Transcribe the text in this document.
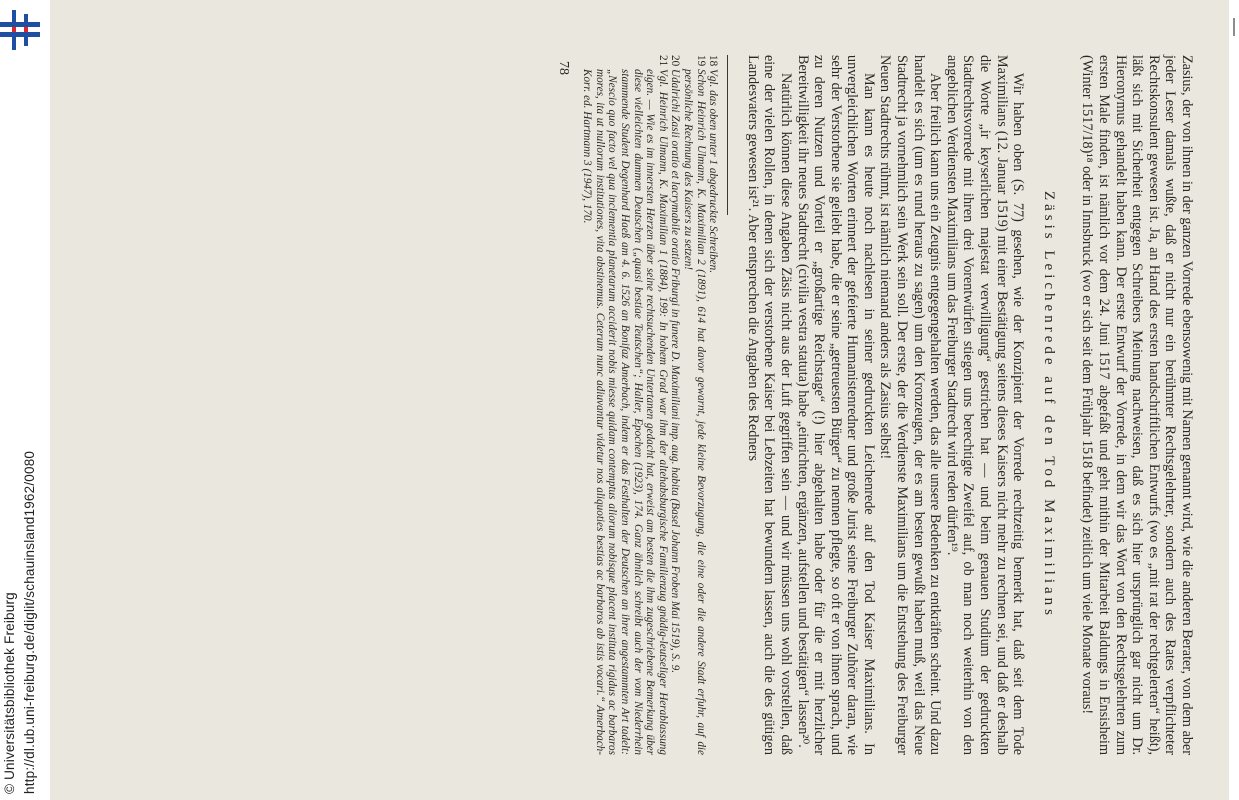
Zasius, der von ihnen in der ganzen Vorrede ebensowenig mit Namen genannt wird, wie die anderen Berater, von dem aber jeder Leser damals wußte, daß er nicht nur ein berühmter Rechtsgelehrter, sondern auch des Rates verpflichteter Rechtskonsulent gewesen ist. Ja, an Hand des ersten handschriftlichen Entwurfs (wo es „mit rat der rechtgelerten“ heißt), läßt sich mit Sicherheit entgegen Schreibers Meinung nachweisen, daß es sich hier ursprünglich gar nicht um Dr. Hieronymus gehandelt haben kann. Der erste Entwurf der Vorrede, in dem wir das Wort von den Rechtsgelehrten zum ersten Male finden, ist nämlich vor dem 24. Juni 1517 abgefaßt und geht mithin der Mitarbeit Baldungs in Ensisheim (Winter 1517/18)¹⁸ oder in Innsbruck (wo er sich seit dem Frühjahr 1518 befindet) zeitlich um viele Monate voraus!

Zäsis Leichenrede auf den Tod Maximilians

Wir haben oben (S. 77) gesehen, wie der Konzipient der Vorrede rechtzeitig bemerkt hat, daß seit dem Tode Maximilians (12. Januar 1519) mit einer Bestätigung seitens dieses Kaisers nicht mehr zu rechnen sei, und daß er deshalb die Worte „ir keyserlichen majestat verwilligung“ gestrichen hat — und beim genauen Studium der gedruckten Stadtrechtsvorrede mit ihren drei Vorentwürfen stiegen uns berechtigte Zweifel auf, ob man noch weiterhin von den angeblichen Verdiensten Maximilians um das Freiburger Stadtrecht wird reden dürfen¹⁹.

Aber freilich kann uns ein Zeugnis entgegengehalten werden, das alle unsere Bedenken zu entkräften scheint. Und dazu handelt es sich (um es rund heraus zu sagen) um den Kronzeugen, der es am besten gewußt haben muß, weil das Neue Stadtrecht ja vornehmlich sein Werk sein soll. Der erste, der die Verdienste Maximilians um die Entstehung des Freiburger Neuen Stadtrechts rühmt, ist nämlich niemand anders als Zasius selbst!

Man kann es heute noch nachlesen in seiner gedruckten Leichenrede auf den Tod Kaiser Maximilians. In unvergleichlichen Worten erinnert der gefeierte Humanistenredner und große Jurist seine Freiburger Zuhörer daran, wie sehr der Verstorbene sie geliebt habe, die er seine „getreuesten Bürger“ zu nennen pflegte, so oft er von ihnen sprach, und zu deren Nutzen und Vorteil er „großartige Reichstage“ (!) hier abgehalten habe oder für die er mit herzlicher Bereitwilligkeit ihr neues Stadtrecht (civilia vestra statuta) habe „einrichten, ergänzen, aufstellen und bestätigen“ lassen²⁰.

Natürlich können diese Angaben Zäsis nicht aus der Luft gegriffen sein — und wir müssen uns wohl vorstellen, daß eine der vielen Rollen, in denen sich der verstorbene Kaiser bei Lebzeiten hat bewundern lassen, auch die des gütigen Landesvaters gewesen ist²¹. Aber entsprechen die Angaben des Redners

18Vgl. das oben unter 1 abgedruckte Schreiben.

19Schon Heinrich Ulmann, K. Maximilian 2 (1891), 614 hat davor gewarnt, jede kleine Bevorzugung, die eine oder die andere Stadt erfuhr, auf die persönliche Rechnung des Kaisers zu setzen!

20Udalrichi Zasii oratio et lacrymabile oratio Friburgi in funere D. Maximiliani imp. aug. habita (Basel Johann Froben Mai 1519), S. 9.

21Vgl. Heinrich Ulmann, K. Maximilian 1 (1884), 199: In hohem Grad war ihm der altehabsburgische Familienzug gnädig-leutseliger Herablassung eigen. — Wie es im innersten Herzen über seine rechtsuchenden Untertanen gedacht hat, erweist am besten die ihm zugeschriebene Bemerkung über diese vielleichten dummen Deutschen („quasi bestiae Teutschen“; Haller, Epochen (1923), 174. Ganz ähnlich schreibt auch der vom Niederrhein stammende Student Degenhard Haeß am 4. 6. 1526 an Bonifaz Amerbach, indem er das Festhalten der Deutschen an ihrer angestammten Art tadelt: „Nescio quo facto vel qua inclementia planetarum acciderit nobis miesse quidam contemptus aliorum nobisque placent instituta rigidus ac barbaros mores, ita ut nullorum institutiones, vita abstinemus. Ceterum nunc adiuvantur videtur nos aliquoties bestias ac barbaros ab istis vocari.“ Amerbach-Korr. ed. Hartmann 3 (1947), 170.

78
© Universitätsbibliothek Freiburg http://dl.ub.uni-freiburg.de/diglit/schauinsland1962/0080
